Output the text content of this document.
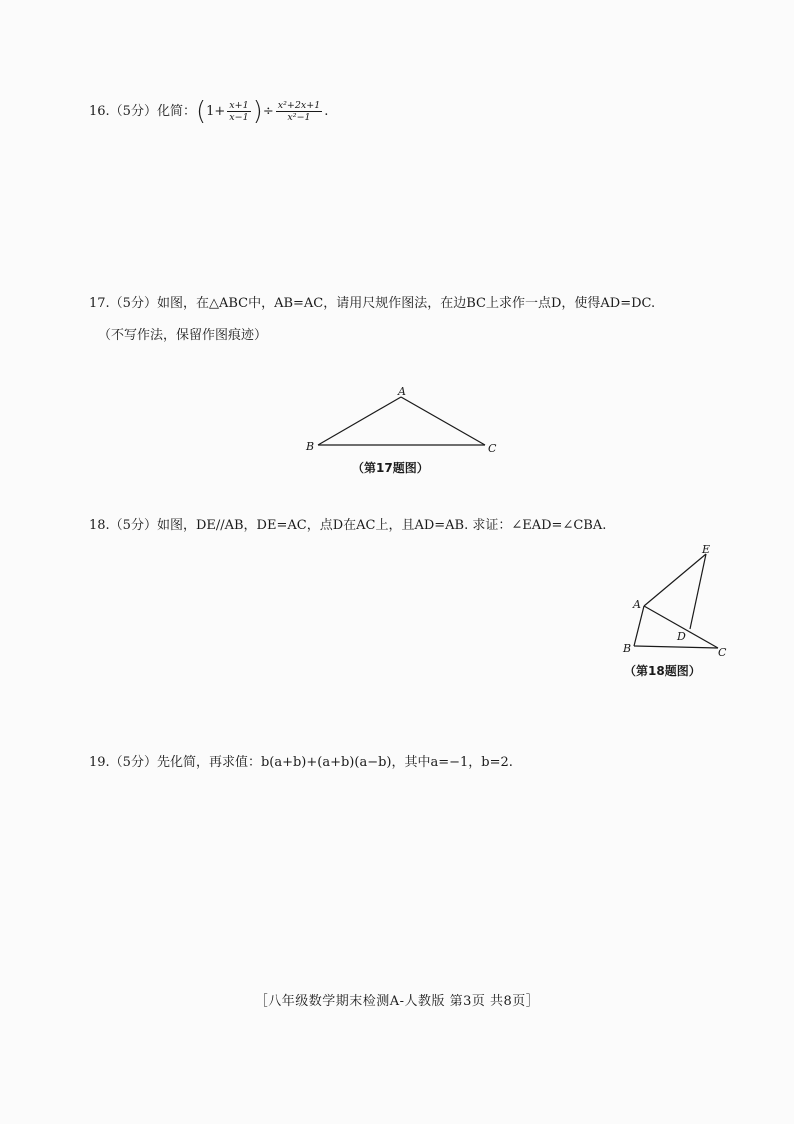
16.（5分）化简：($1+ \frac{x+1}{x-1}$ )÷ $\frac{\text{x²+2x+1}}{\text{x²−1}}$ .
17.（5分）如图，在△ABC中，AB=AC，请用尺规作图法，在边BC上求作一点D，使得AD=DC.
（不写作法，保留作图痕迹）
A
B	C
（第17题图）
18.（5分）如图，DE//AB，DE=AC，点D在AC上，且AD=AB. 求证：∠EAD=∠CBA.
E
A
D
B	C
（第18题图）
19.（5分）先化简，再求值：b(a+b)+(a+b)(a−b)，其中a=−1，b=2.
［八年级数学期末检测A-人教版 第3页 共8页］
